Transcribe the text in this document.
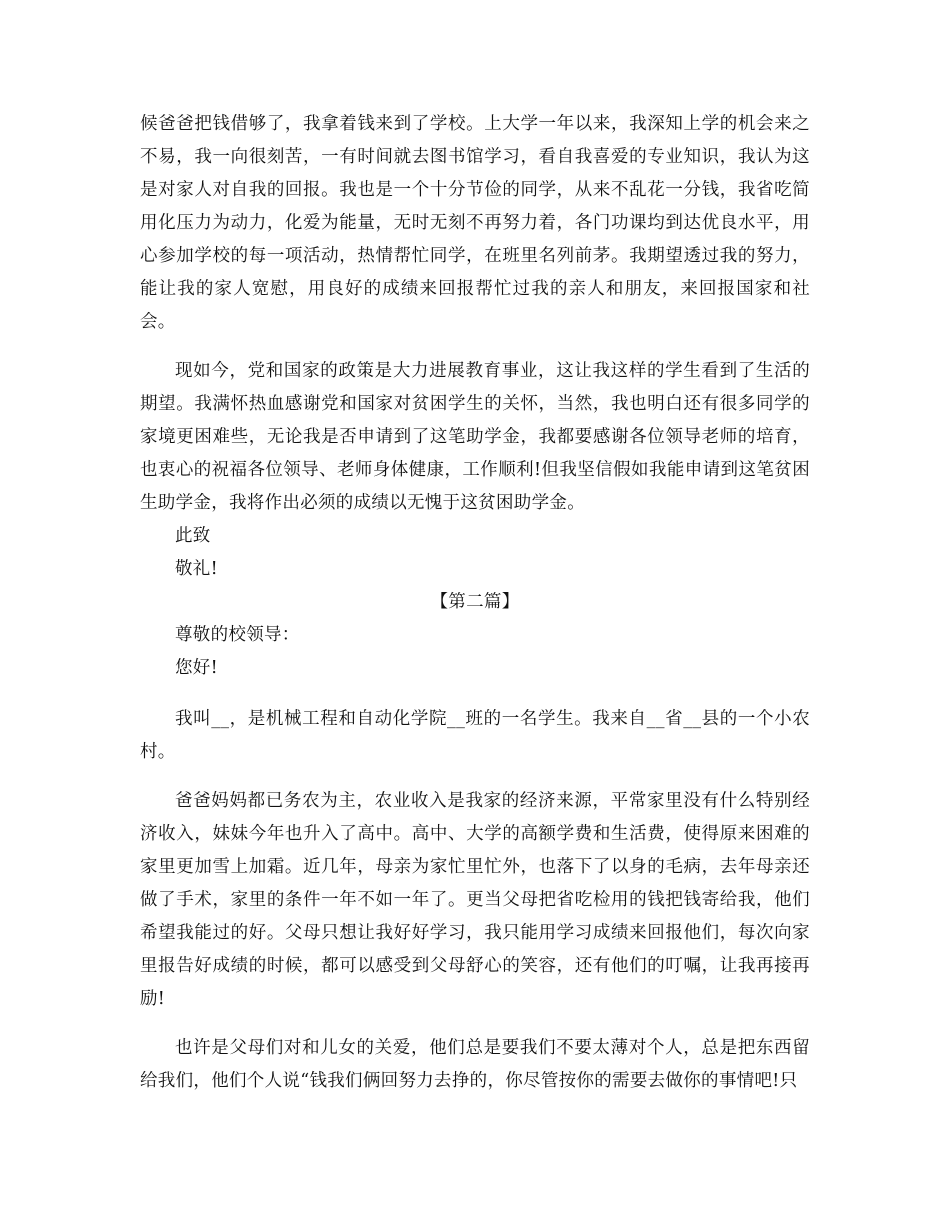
候爸爸把钱借够了，我拿着钱来到了学校。上大学一年以来，我深知上学的机会来之不易，我一向很刻苦，一有时间就去图书馆学习，看自我喜爱的专业知识，我认为这是对家人对自我的回报。我也是一个十分节俭的同学，从来不乱花一分钱，我省吃简用化压力为动力，化爱为能量，无时无刻不再努力着，各门功课均到达优良水平，用心参加学校的每一项活动，热情帮忙同学，在班里名列前茅。我期望透过我的努力，能让我的家人宽慰，用良好的成绩来回报帮忙过我的亲人和朋友，来回报国家和社会。

现如今，党和国家的政策是大力进展教育事业，这让我这样的学生看到了生活的期望。我满怀热血感谢党和国家对贫困学生的关怀，当然，我也明白还有很多同学的家境更困难些，无论我是否申请到了这笔助学金，我都要感谢各位领导老师的培育，也衷心的祝福各位领导、老师身体健康，工作顺利!但我坚信假如我能申请到这笔贫困生助学金，我将作出必须的成绩以无愧于这贫困助学金。

此致

敬礼!

【第二篇】

尊敬的校领导：

您好!

我叫__，是机械工程和自动化学院__班的一名学生。我来自__省__县的一个小农村。

爸爸妈妈都已务农为主，农业收入是我家的经济来源，平常家里没有什么特别经济收入，妹妹今年也升入了高中。高中、大学的高额学费和生活费，使得原来困难的家里更加雪上加霜。近几年，母亲为家忙里忙外，也落下了以身的毛病，去年母亲还做了手术，家里的条件一年不如一年了。更当父母把省吃检用的钱把钱寄给我，他们希望我能过的好。父母只想让我好好学习，我只能用学习成绩来回报他们，每次向家里报告好成绩的时候，都可以感受到父母舒心的笑容，还有他们的叮嘱，让我再接再励!

也许是父母们对和儿女的关爱，他们总是要我们不要太薄对个人，总是把东西留给我们，他们个人说“钱我们俩回努力去挣的，你尽管按你的需要去做你的事情吧!只
